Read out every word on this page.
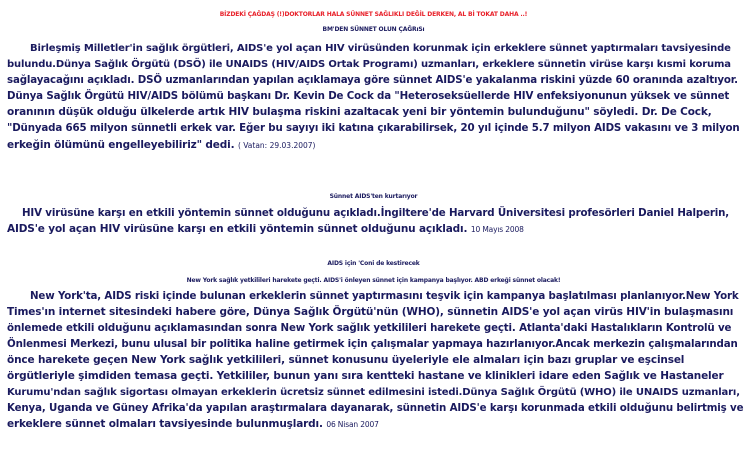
BİZDEKİ ÇAĞDAŞ (!)DOKTORLAR HALA SÜNNET SAĞLIKLI DEĞİL DERKEN, AL Bİ TOKAT DAHA ..!
BM'DEN SÜNNET OLUN ÇAĞRıSı
Birleşmiş Milletler'in sağlık örgütleri, AIDS'e yol açan HIV virüsünden korunmak için erkeklere sünnet yaptırmaları tavsiyesinde
bulundu.Dünya Sağlık Örgütü (DSÖ) ile UNAIDS (HIV/AIDS Ortak Programı) uzmanları, erkeklere sünnetin virüse karşı kısmi koruma
sağlayacağını açıkladı. DSÖ uzmanlarından yapılan açıklamaya göre sünnet AIDS'e yakalanma riskini yüzde 60 oranında azaltıyor.
Dünya Sağlık Örgütü HIV/AIDS bölümü başkanı Dr. Kevin De Cock da "Heteroseksüellerde HIV enfeksiyonunun yüksek ve sünnet
oranının düşük olduğu ülkelerde artık HIV bulaşma riskini azaltacak yeni bir yöntemin bulunduğunu" söyledi. Dr. De Cock,
"Dünyada 665 milyon sünnetli erkek var. Eğer bu sayıyı iki katına çıkarabilirsek, 20 yıl içinde 5.7 milyon AIDS vakasını ve 3 milyon
erkeğin ölümünü engelleyebiliriz" dedi. ( Vatan: 29.03.2007)
Sünnet AIDS'ten kurtarıyor
HIV virüsüne karşı en etkili yöntemin sünnet olduğunu açıkladı.İngiltere'de Harvard Üniversitesi profesörleri Daniel Halperin,
AIDS'e yol açan HIV virüsüne karşı en etkili yöntemin sünnet olduğunu açıkladı. 10 Mayıs 2008
AIDS için 'Coni de kestirecek
New York sağlık yetkilileri harekete geçti. AIDS'i önleyen sünnet için kampanya başlıyor. ABD erkeği sünnet olacak!
New York'ta, AIDS riski içinde bulunan erkeklerin sünnet yaptırmasını teşvik için kampanya başlatılması planlanıyor.New York
Times'ın internet sitesindeki habere göre, Dünya Sağlık Örgütü'nün (WHO), sünnetin AIDS'e yol açan virüs HIV'in bulaşmasını
önlemede etkili olduğunu açıklamasından sonra New York sağlık yetkilileri harekete geçti. Atlanta'daki Hastalıkların Kontrolü ve
Önlenmesi Merkezi, bunu ulusal bir politika haline getirmek için çalışmalar yapmaya hazırlanıyor.Ancak merkezin çalışmalarından
önce harekete geçen New York sağlık yetkilileri, sünnet konusunu üyeleriyle ele almaları için bazı gruplar ve eşcinsel
örgütleriyle şimdiden temasa geçti. Yetkililer, bunun yanı sıra kentteki hastane ve klinikleri idare eden Sağlık ve Hastaneler
Kurumu'ndan sağlık sigortası olmayan erkeklerin ücretsiz sünnet edilmesini istedi.Dünya Sağlık Örgütü (WHO) ile UNAIDS uzmanları,
Kenya, Uganda ve Güney Afrika'da yapılan araştırmalara dayanarak, sünnetin AIDS'e karşı korunmada etkili olduğunu belirtmiş ve
erkeklere sünnet olmaları tavsiyesinde bulunmuşlardı. 06 Nisan 2007
